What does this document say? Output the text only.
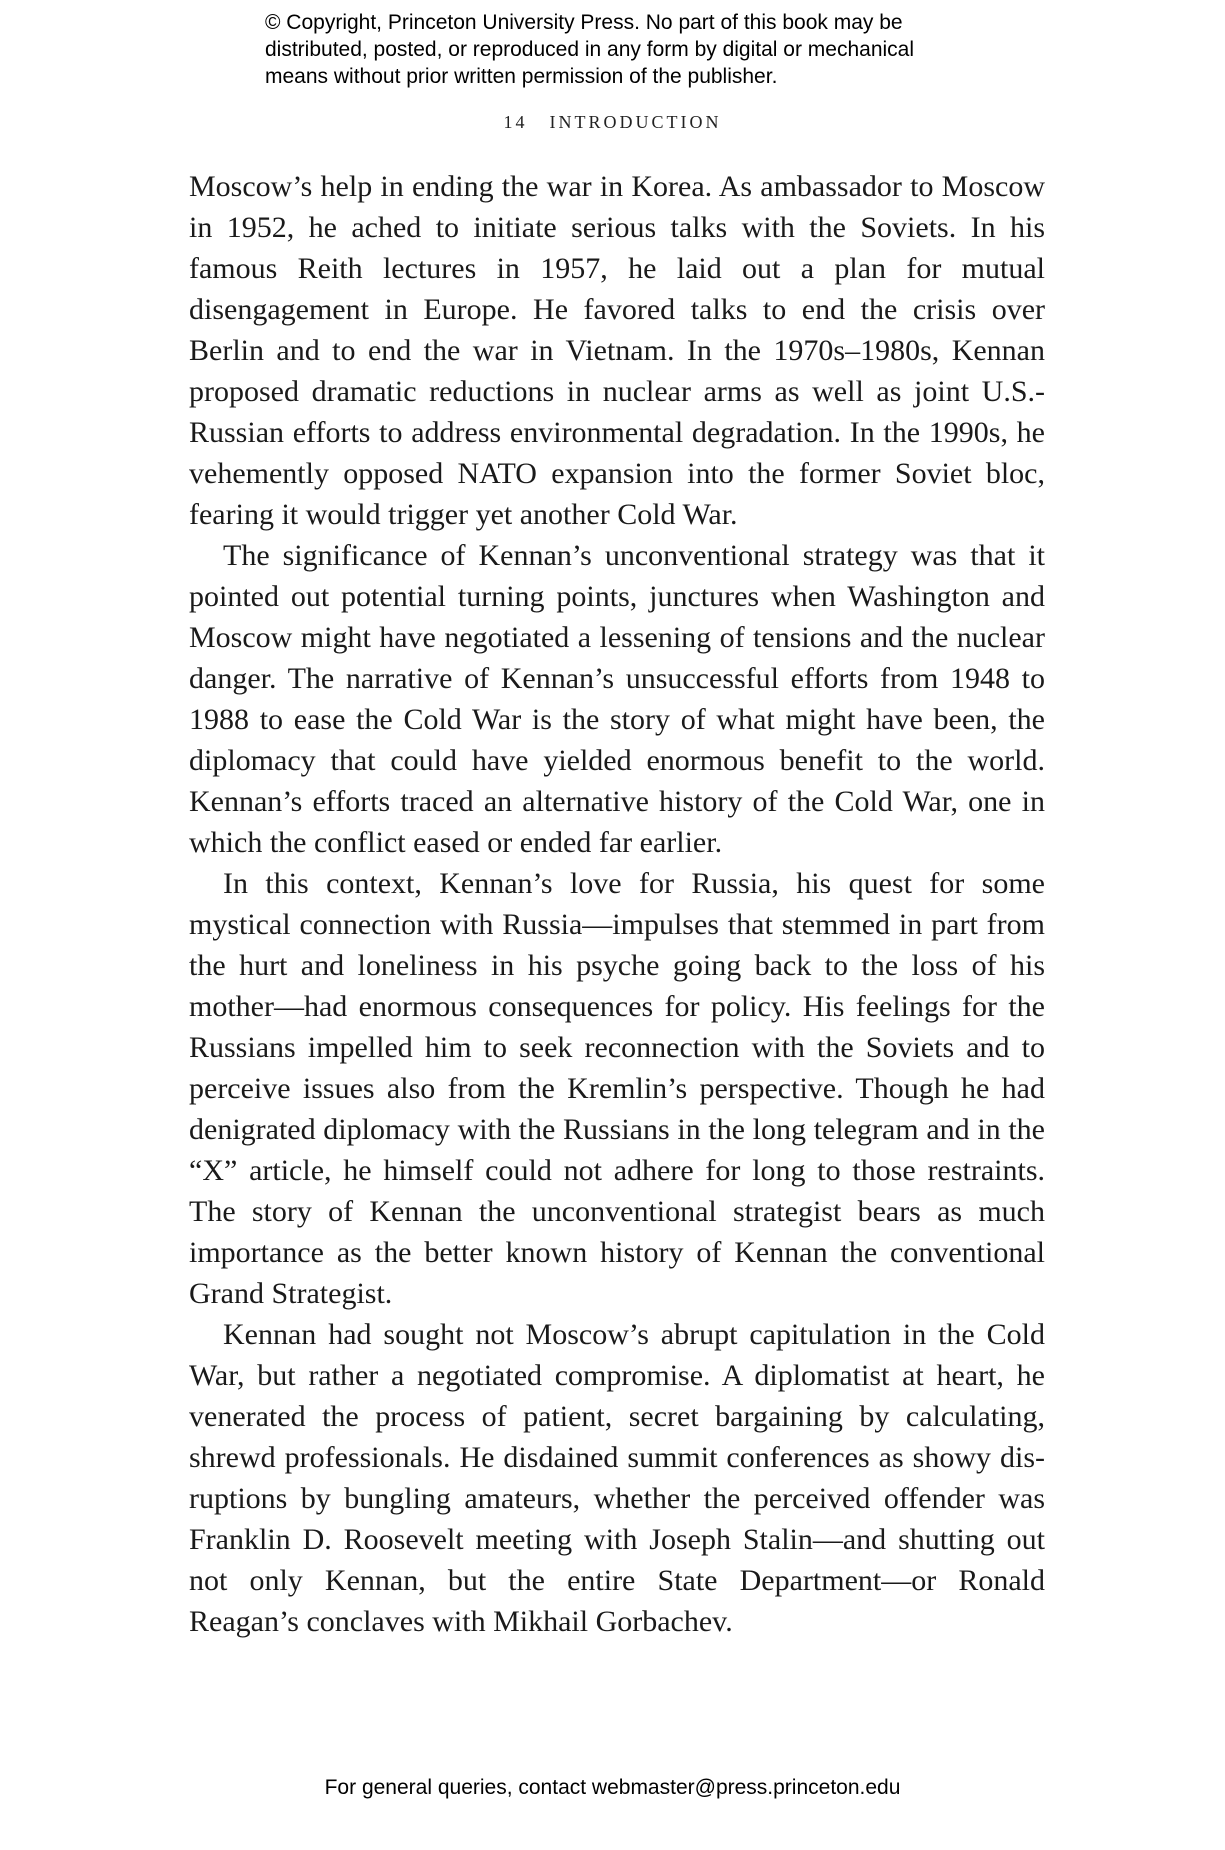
© Copyright, Princeton University Press. No part of this book may be
distributed, posted, or reproduced in any form by digital or mechanical
means without prior written permission of the publisher.
14 INTRODUCTION

Moscow’s help in ending the war in Korea. As ambassador to Moscow in 1952, he ached to initiate serious talks with the Soviets. In his famous Reith lectures in 1957, he laid out a plan for mutual disengagement in Europe. He favored talks to end the crisis over Berlin and to end the war in Vietnam. In the 1970s–1980s, Kennan proposed dramatic reductions in nuclear arms as well as joint U.S.-Russian efforts to address environmental degradation. In the 1990s, he vehemently opposed NATO expansion into the former Soviet bloc, fearing it would trigger yet another Cold War.

The significance of Kennan’s unconventional strategy was that it pointed out potential turning points, junctures when Washington and Moscow might have negotiated a lessening of tensions and the nuclear danger. The narrative of Kennan’s unsuccessful efforts from 1948 to 1988 to ease the Cold War is the story of what might have been, the diplomacy that could have yielded enormous benefit to the world. Kennan’s efforts traced an alternative history of the Cold War, one in which the conflict eased or ended far earlier.

In this context, Kennan’s love for Russia, his quest for some mystical connection with Russia—impulses that stemmed in part from the hurt and loneliness in his psyche going back to the loss of his mother—had enormous consequences for policy. His feelings for the Russians impelled him to seek reconnection with the Soviets and to perceive issues also from the Kremlin’s perspective. Though he had denigrated diplomacy with the Russians in the long telegram and in the “X” article, he himself could not adhere for long to those restraints. The story of Kennan the unconventional strategist bears as much importance as the better known history of Kennan the conventional Grand Strategist.

Kennan had sought not Moscow’s abrupt capitulation in the Cold War, but rather a negotiated compromise. A diplomatist at heart, he venerated the process of patient, secret bargaining by calculating, shrewd professionals. He disdained summit conferences as showy disruptions by bungling amateurs, whether the perceived offender was Franklin D. Roosevelt meeting with Joseph Stalin—and shutting out not only Kennan, but the entire State Department—or Ronald Reagan’s conclaves with Mikhail Gorbachev.

For general queries, contact webmaster@press.princeton.edu
